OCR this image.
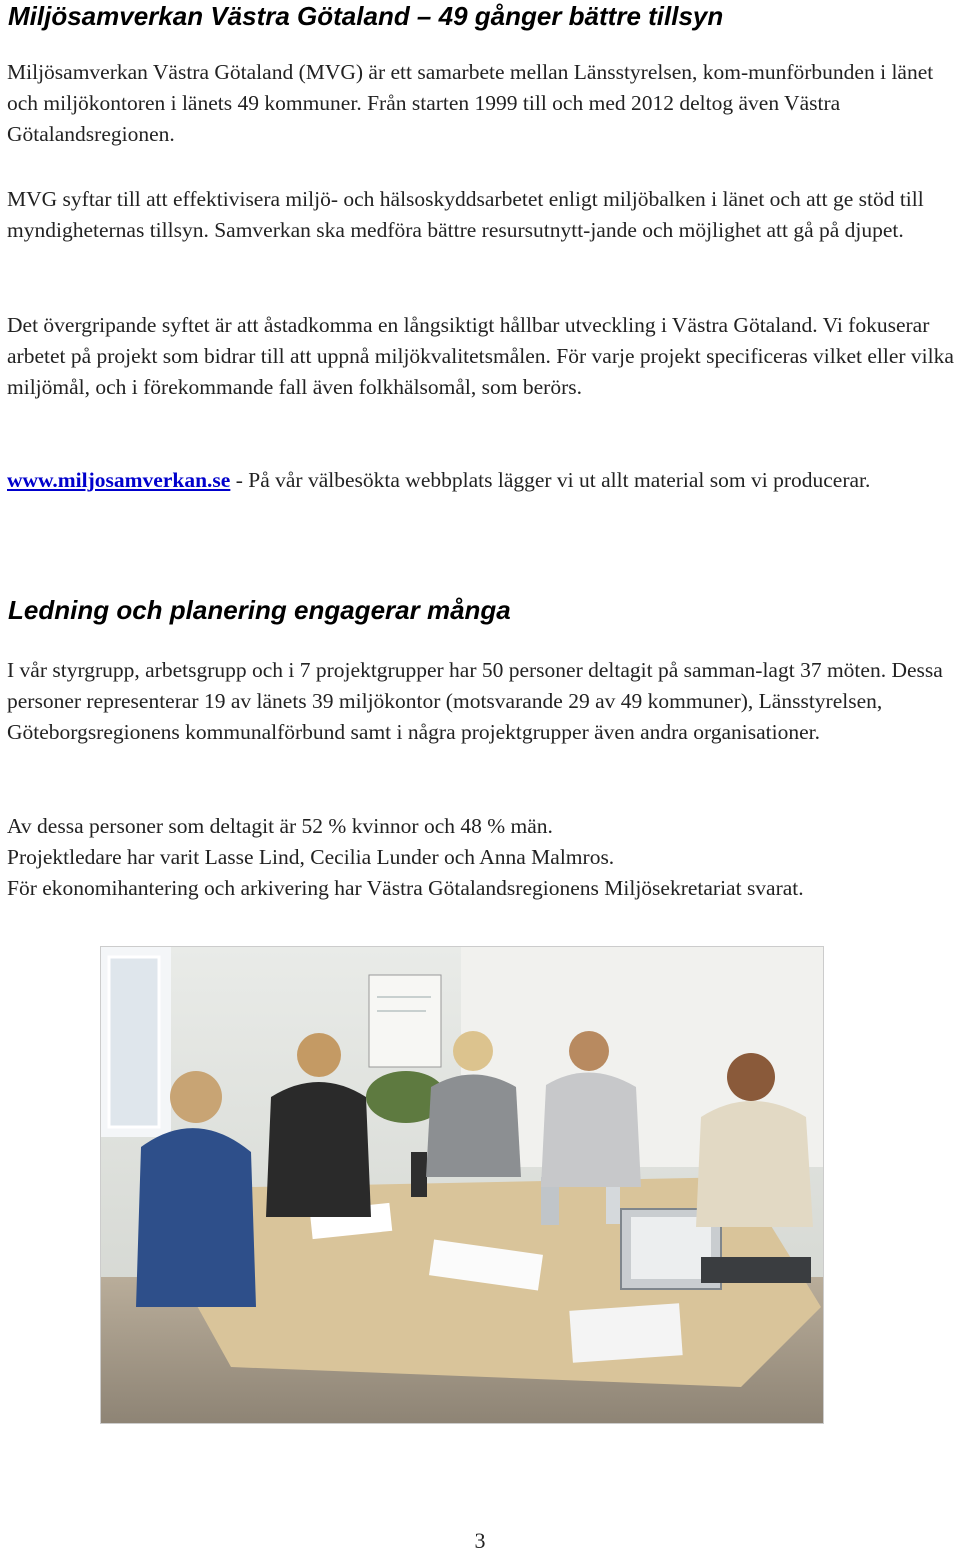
Miljösamverkan Västra Götaland – 49 gånger bättre tillsyn

Miljösamverkan Västra Götaland (MVG) är ett samarbete mellan Länsstyrelsen, kom-munförbunden i länet och miljökontoren i länets 49 kommuner. Från starten 1999 till och med 2012 deltog även Västra Götalandsregionen.

MVG syftar till att effektivisera miljö- och hälsoskyddsarbetet enligt miljöbalken i länet och att ge stöd till myndigheternas tillsyn. Samverkan ska medföra bättre resursutnytt-jande och möjlighet att gå på djupet.

Det övergripande syftet är att åstadkomma en långsiktigt hållbar utveckling i Västra Götaland. Vi fokuserar arbetet på projekt som bidrar till att uppnå miljökvalitetsmålen. För varje projekt specificeras vilket eller vilka miljömål, och i förekommande fall även folkhälsomål, som berörs.

www.miljosamverkan.se - På vår välbesökta webbplats lägger vi ut allt material som vi producerar.

Ledning och planering engagerar många

I vår styrgrupp, arbetsgrupp och i 7 projektgrupper har 50 personer deltagit på samman-lagt 37 möten. Dessa personer representerar 19 av länets 39 miljökontor (motsvarande 29 av 49 kommuner), Länsstyrelsen, Göteborgsregionens kommunalförbund samt i några projektgrupper även andra organisationer.

Av dessa personer som deltagit är 52 % kvinnor och 48 % män.

Projektledare har varit Lasse Lind, Cecilia Lunder och Anna Malmros.

För ekonomihantering och arkivering har Västra Götalandsregionens Miljösekretariat svarat.

3
